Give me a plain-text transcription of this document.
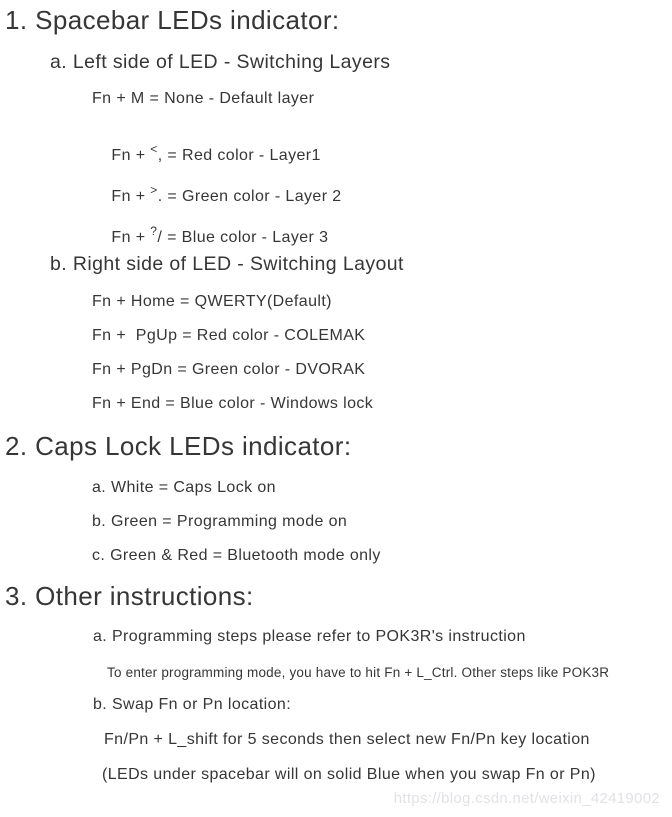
1. Spacebar LEDs indicator:
a. Left side of LED - Switching Layers
Fn + M = None - Default layer

Fn + <, = Red color - Layer1

Fn + >. = Green color - Layer 2

Fn + ?/ = Blue color - Layer 3

b. Right side of LED - Switching Layout
Fn + Home = QWERTY(Default)
Fn +  PgUp = Red color - COLEMAK
Fn + PgDn = Green color - DVORAK
Fn + End = Blue color - Windows lock
2. Caps Lock LEDs indicator:
a. White = Caps Lock on
b. Green = Programming mode on
c. Green & Red = Bluetooth mode only
3. Other instructions:
a. Programming steps please refer to POK3R's instruction
To enter programming mode, you have to hit Fn + L_Ctrl. Other steps like POK3R
b. Swap Fn or Pn location:
Fn/Pn + L_shift for 5 seconds then select new Fn/Pn key location
(LEDs under spacebar will on solid Blue when you swap Fn or Pn)
https://blog.csdn.net/weixin_42419002
